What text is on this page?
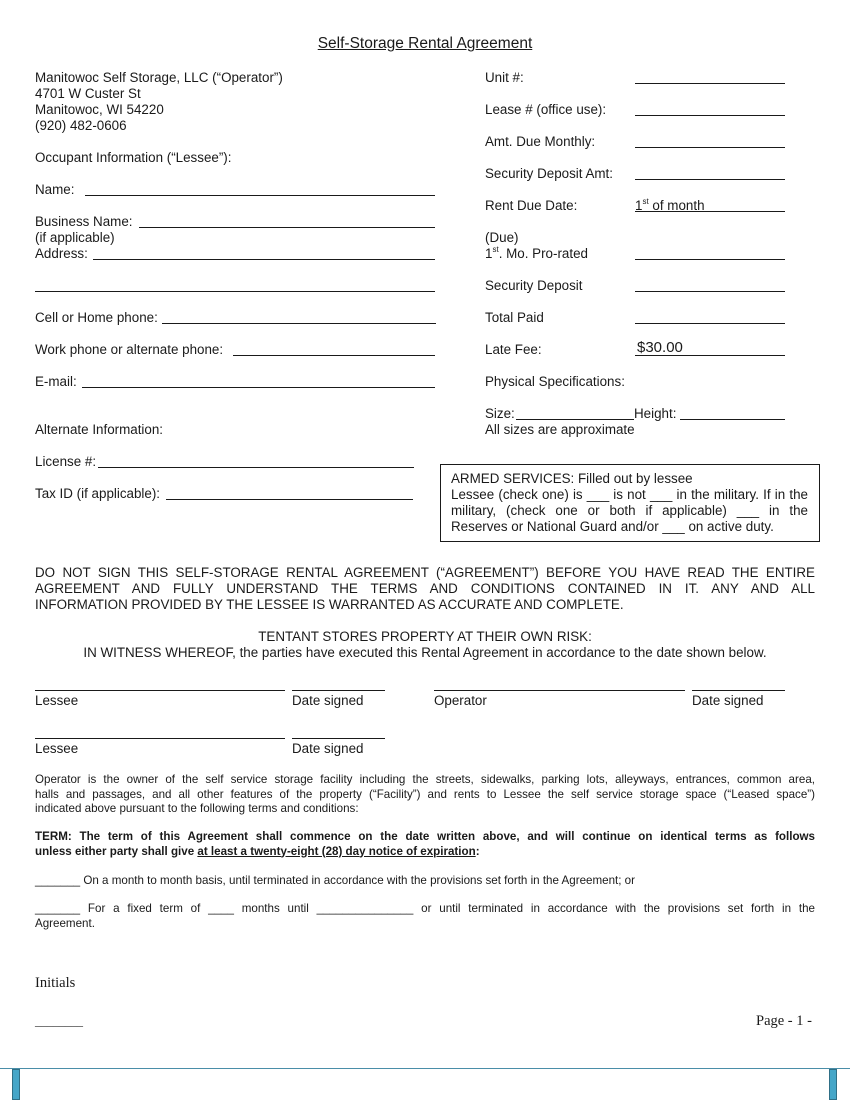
Self-Storage Rental Agreement
Manitowoc Self Storage, LLC (“Operator”)
4701 W Custer St
Manitowoc, WI 54220
(920) 482-0606
Occupant Information (“Lessee”):
Name:
Business Name:
(if applicable)
Address:
Cell or Home phone:
Work phone or alternate phone:
E-mail:
Alternate Information:
License #:
Tax ID (if applicable):
Unit #:
Lease # (office use):
Amt. Due Monthly:
Security Deposit Amt:
Rent Due Date:	1st of month
(Due)
1st. Mo. Pro-rated
Security Deposit
Total Paid
Late Fee:	$30.00
Physical Specifications:
Size:	Height:
All sizes are approximate
ARMED SERVICES: Filled out by lessee
Lessee (check one) is ___ is not ___ in the military. If in the military, (check one or both if applicable) ___ in the Reserves or National Guard and/or ___ on active duty.
DO NOT SIGN THIS SELF-STORAGE RENTAL AGREEMENT (“AGREEMENT”) BEFORE YOU HAVE READ THE ENTIRE
AGREEMENT AND FULLY UNDERSTAND THE TERMS AND CONDITIONS CONTAINED IN IT. ANY AND ALL
INFORMATION PROVIDED BY THE LESSEE IS WARRANTED AS ACCURATE AND COMPLETE.
TENTANT STORES PROPERTY AT THEIR OWN RISK:
IN WITNESS WHEREOF, the parties have executed this Rental Agreement in accordance to the date shown below.
Lessee	Date signed	Operator	Date signed
Lessee	Date signed
Operator is the owner of the self service storage facility including the streets, sidewalks, parking lots, alleyways, entrances, common area,
halls and passages, and all other features of the property (“Facility”) and rents to Lessee the self service storage space (“Leased space”)
indicated above pursuant to the following terms and conditions:
TERM: The term of this Agreement shall commence on the date written above, and will continue on identical terms as follows
unless either party shall give at least a twenty-eight (28) day notice of expiration:
_______ On a month to month basis, until terminated in accordance with the provisions set forth in the Agreement; or
_______ For a fixed term of ____ months until _______________ or until terminated in accordance with the provisions set forth in the
Agreement.
Initials
________	Page - 1 -
